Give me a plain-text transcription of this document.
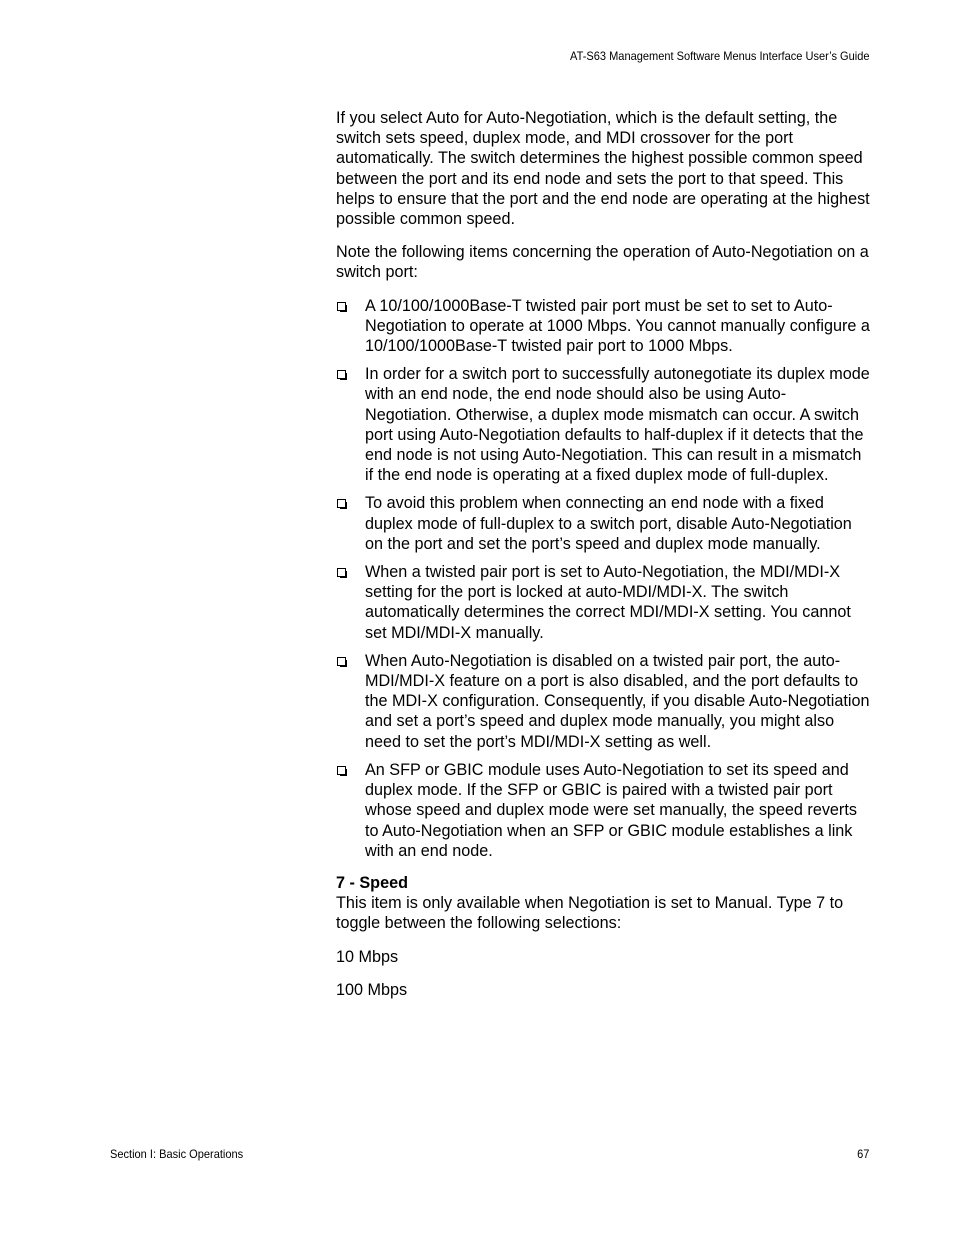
AT-S63 Management Software Menus Interface User’s Guide

If you select Auto for Auto-Negotiation, which is the default setting, the switch sets speed, duplex mode, and MDI crossover for the port automatically. The switch determines the highest possible common speed between the port and its end node and sets the port to that speed. This helps to ensure that the port and the end node are operating at the highest possible common speed.

Note the following items concerning the operation of Auto-Negotiation on a switch port:

A 10/100/1000Base-T twisted pair port must be set to set to Auto-Negotiation to operate at 1000 Mbps. You cannot manually configure a 10/100/1000Base-T twisted pair port to 1000 Mbps.
In order for a switch port to successfully autonegotiate its duplex mode with an end node, the end node should also be using Auto-Negotiation. Otherwise, a duplex mode mismatch can occur. A switch port using Auto-Negotiation defaults to half-duplex if it detects that the end node is not using Auto-Negotiation. This can result in a mismatch if the end node is operating at a fixed duplex mode of full-duplex.
To avoid this problem when connecting an end node with a fixed duplex mode of full-duplex to a switch port, disable Auto-Negotiation on the port and set the port’s speed and duplex mode manually.
When a twisted pair port is set to Auto-Negotiation, the MDI/MDI-X setting for the port is locked at auto-MDI/MDI-X. The switch automatically determines the correct MDI/MDI-X setting. You cannot set MDI/MDI-X manually.
When Auto-Negotiation is disabled on a twisted pair port, the auto-MDI/MDI-X feature on a port is also disabled, and the port defaults to the MDI-X configuration. Consequently, if you disable Auto-Negotiation and set a port’s speed and duplex mode manually, you might also need to set the port’s MDI/MDI-X setting as well.
An SFP or GBIC module uses Auto-Negotiation to set its speed and duplex mode. If the SFP or GBIC is paired with a twisted pair port whose speed and duplex mode were set manually, the speed reverts to Auto-Negotiation when an SFP or GBIC module establishes a link with an end node.
7 - Speed

This item is only available when Negotiation is set to Manual. Type 7 to toggle between the following selections:

10 Mbps

100 Mbps

Section I: Basic Operations	67
